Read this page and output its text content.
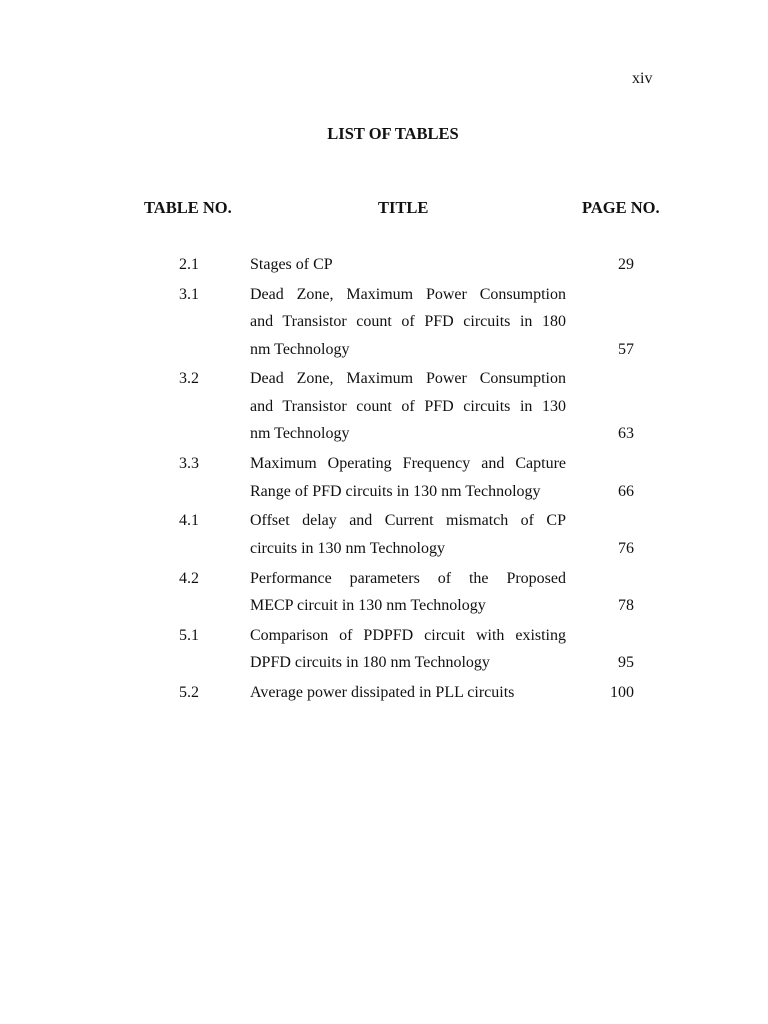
xiv
LIST OF TABLES
TABLE NO.	TITLE	PAGE NO.
2.1	Stages of CP	29
3.1	Dead Zone, Maximum Power Consumption
and Transistor count of PFD circuits in 180
nm Technology	57
3.2	Dead Zone, Maximum Power Consumption
and Transistor count of PFD circuits in 130
nm Technology	63
3.3	Maximum Operating Frequency and Capture
Range of PFD circuits in 130 nm Technology	66
4.1	Offset delay and Current mismatch of CP
circuits in 130 nm Technology	76
4.2	Performance parameters of the Proposed
MECP circuit in 130 nm Technology	78
5.1	Comparison of PDPFD circuit with existing
DPFD circuits in 180 nm Technology	95
5.2	Average power dissipated in PLL circuits	100
